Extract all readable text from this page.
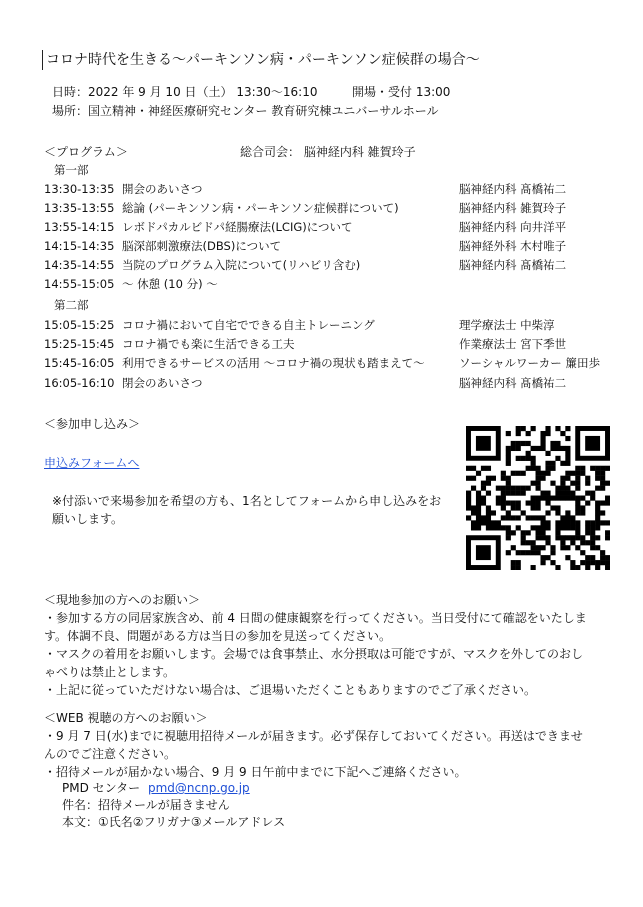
コロナ時代を生きる～パーキンソン病・パーキンソン症候群の場合～
日時：2022 年 9 月 10 日（土） 13:30～16:10	開場・受付 13:00
場所：国立精神・神経医療研究センター 教育研究棟ユニバーサルホール
＜プログラム＞	総合司会： 脳神経内科 雑賀玲子
第一部
13:30-13:35 開会のあいさつ	脳神経内科 髙橋祐二
13:35-13:55 総論 (パーキンソン病・パーキンソン症候群について)	脳神経内科 雑賀玲子
13:55-14:15 レボドパカルビドパ経腸療法(LCIG)について	脳神経内科 向井洋平
14:15-14:35 脳深部刺激療法(DBS)について	脳神経外科 木村唯子
14:35-14:55 当院のプログラム入院について(リハビリ含む)	脳神経内科 髙橋祐二
14:55-15:05 ～ 休憩 (10 分) ～
第二部
15:05-15:25 コロナ禍において自宅でできる自主トレーニング	理学療法士 中柴淳
15:25-15:45 コロナ禍でも楽に生活できる工夫	作業療法士 宮下季世
15:45-16:05 利用できるサービスの活用 ～コロナ禍の現状も踏まえて～	ソーシャルワーカー 簾田歩
16:05-16:10 閉会のあいさつ	脳神経内科 髙橋祐二
＜参加申し込み＞
申込みフォームへ
※付添いで来場参加を希望の方も、1名としてフォームから申し込みをお願いします。
＜現地参加の方へのお願い＞
・参加する方の同居家族含め、前 4 日間の健康観察を行ってください。当日受付にて確認をいたします。体調不良、問題がある方は当日の参加を見送ってください。
・マスクの着用をお願いします。会場では食事禁止、水分摂取は可能ですが、マスクを外してのおしゃべりは禁止とします。
・上記に従っていただけない場合は、ご退場いただくこともありますのでご了承ください。
＜WEB 視聴の方へのお願い＞
・9 月 7 日(水)までに視聴用招待メールが届きます。必ず保存しておいてください。再送はできませんのでご注意ください。
・招待メールが届かない場合、9 月 9 日午前中までに下記へご連絡ください。
PMD センター pmd@ncnp.go.jp
件名：招待メールが届きません
本文：①氏名②フリガナ③メールアドレス
